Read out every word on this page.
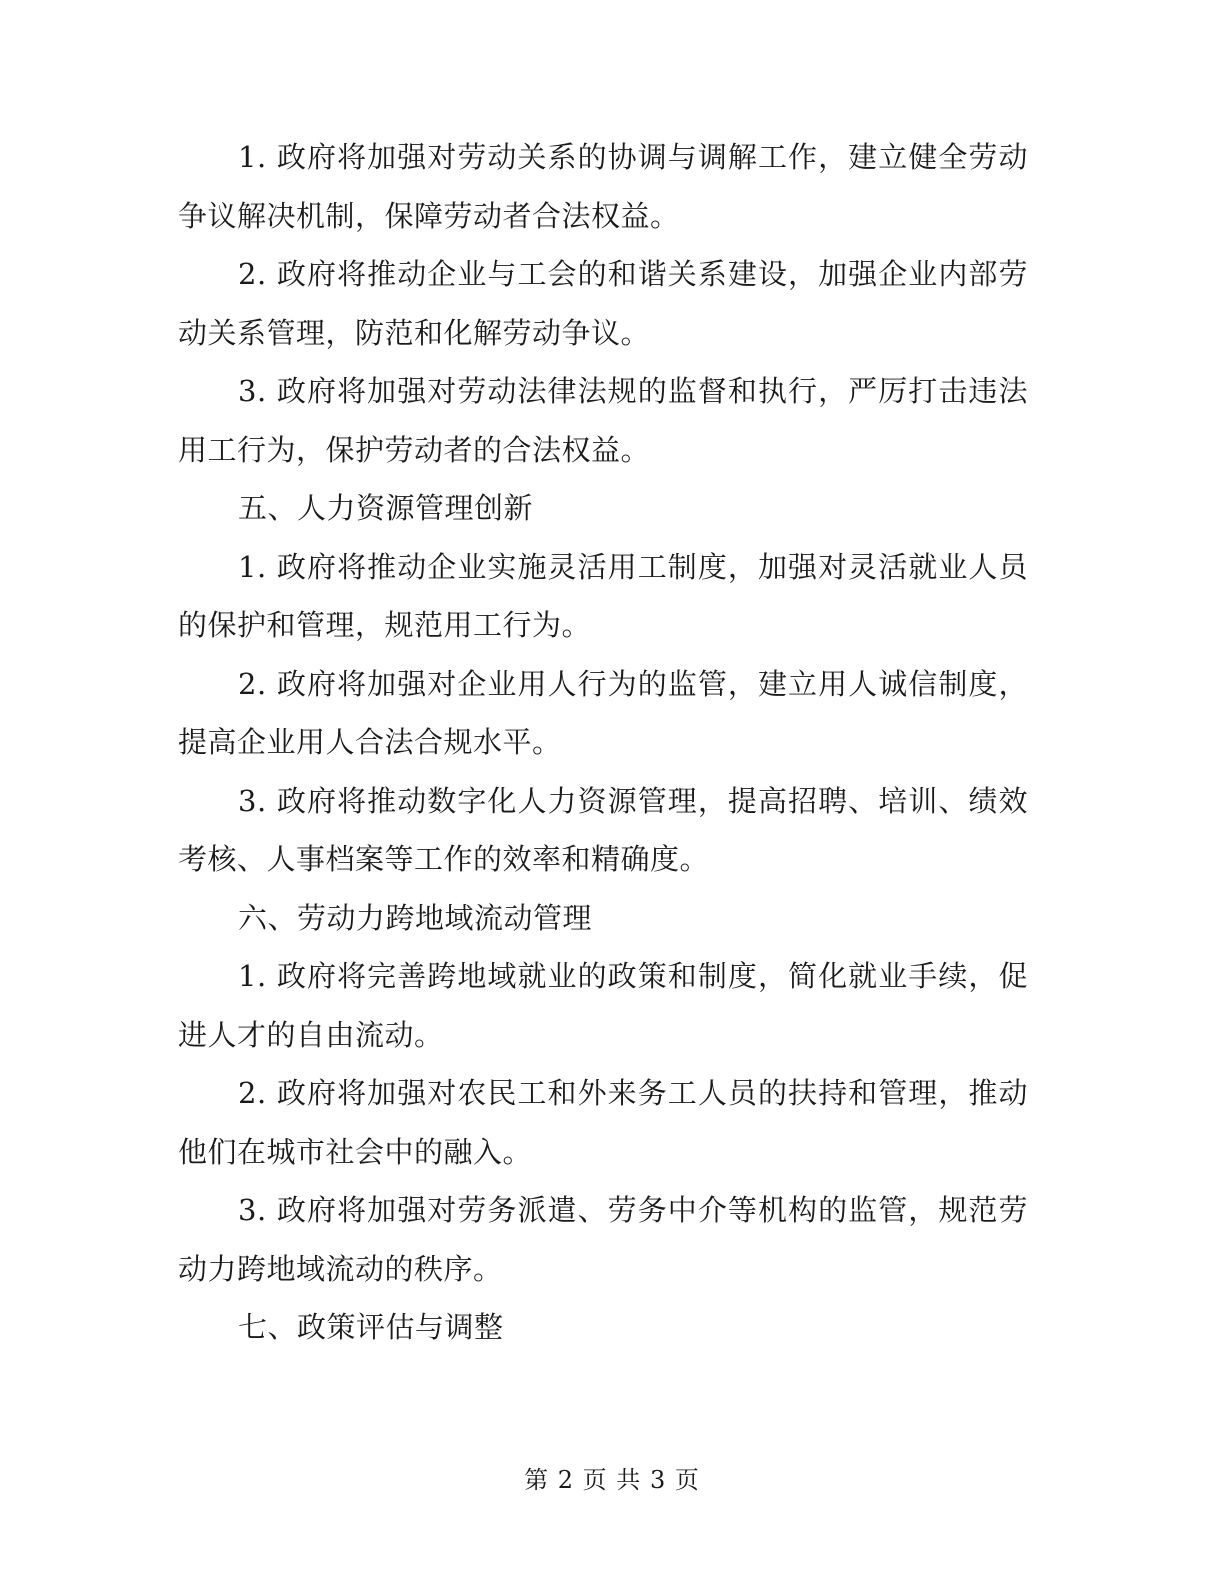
1. 政府将加强对劳动关系的协调与调解工作，建立健全劳动争议解决机制，保障劳动者合法权益。

2. 政府将推动企业与工会的和谐关系建设，加强企业内部劳动关系管理，防范和化解劳动争议。

3. 政府将加强对劳动法律法规的监督和执行，严厉打击违法用工行为，保护劳动者的合法权益。

五、人力资源管理创新

1. 政府将推动企业实施灵活用工制度，加强对灵活就业人员的保护和管理，规范用工行为。

2. 政府将加强对企业用人行为的监管，建立用人诚信制度，提高企业用人合法合规水平。

3. 政府将推动数字化人力资源管理，提高招聘、培训、绩效考核、人事档案等工作的效率和精确度。

六、劳动力跨地域流动管理

1. 政府将完善跨地域就业的政策和制度，简化就业手续，促进人才的自由流动。

2. 政府将加强对农民工和外来务工人员的扶持和管理，推动他们在城市社会中的融入。

3. 政府将加强对劳务派遣、劳务中介等机构的监管，规范劳动力跨地域流动的秩序。

七、政策评估与调整

第 2 页 共 3 页
